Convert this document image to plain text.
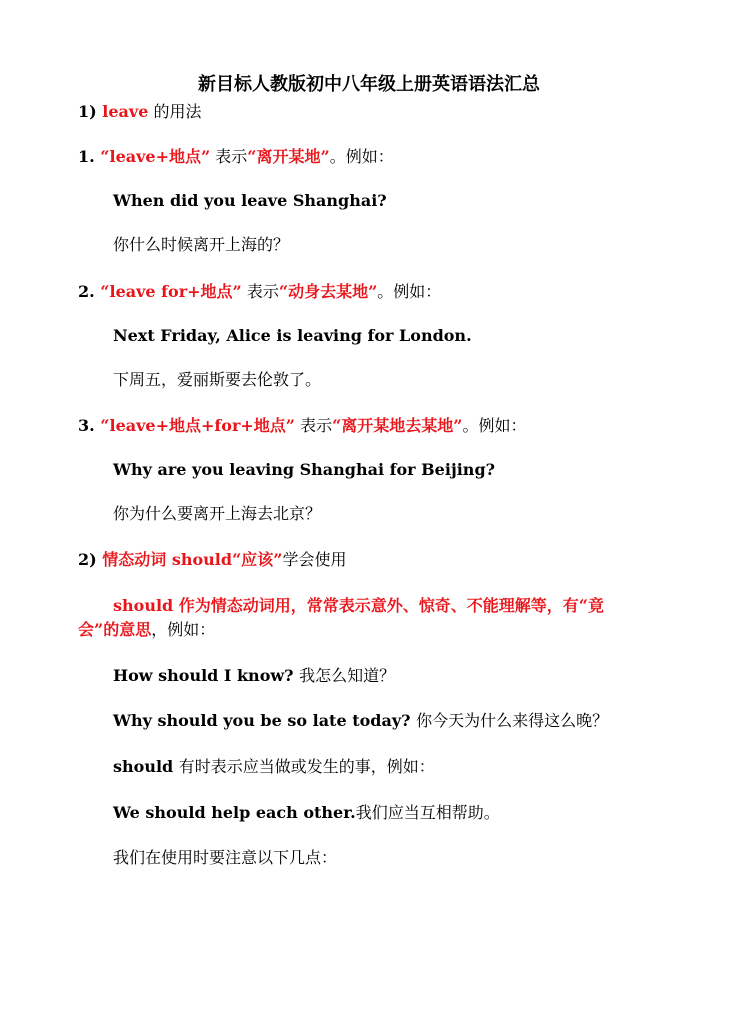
新目标人教版初中八年级上册英语语法汇总
1) leave 的用法
1. “leave+地点” 表示“离开某地”。例如：
When did you leave Shanghai?
你什么时候离开上海的？
2. “leave for+地点” 表示“动身去某地”。例如：
Next Friday, Alice is leaving for London.
下周五，爱丽斯要去伦敦了。
3. “leave+地点+for+地点” 表示“离开某地去某地”。例如：
Why are you leaving Shanghai for Beijing?
你为什么要离开上海去北京？
2) 情态动词 should“应该”学会使用
should 作为情态动词用，常常表示意外、惊奇、不能理解等，有“竟
会”的意思，例如：
How should I know? 我怎么知道？
Why should you be so late today? 你今天为什么来得这么晚？
should 有时表示应当做或发生的事，例如：
We should help each other.我们应当互相帮助。
我们在使用时要注意以下几点：
